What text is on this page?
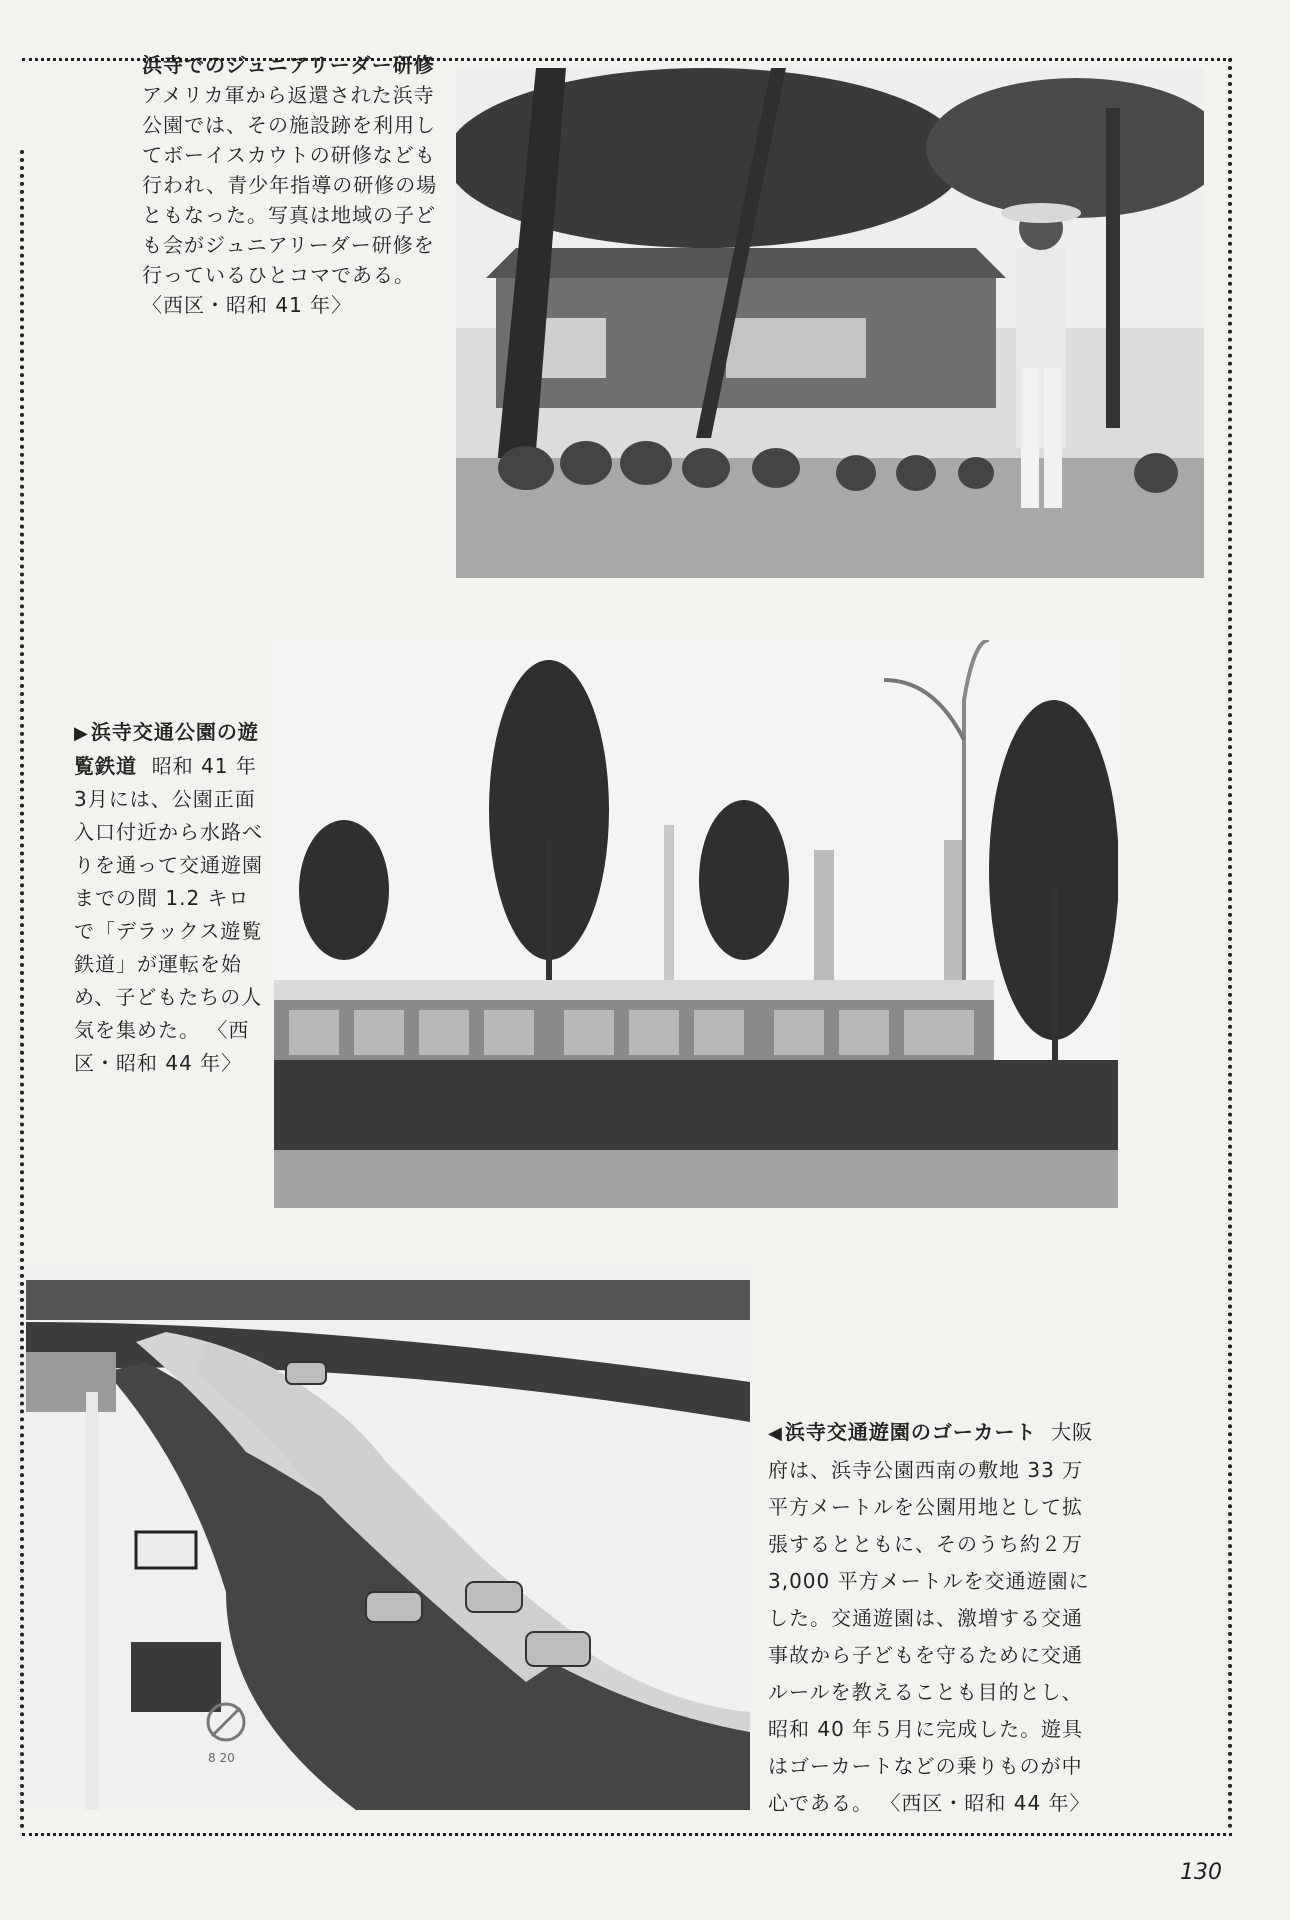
浜寺でのジュニアリーダー研修  アメリカ軍から返還された浜寺公園では、その施設跡を利用してボーイスカウトの研修なども行われ、青少年指導の研修の場ともなった。写真は地域の子ども会がジュニアリーダー研修を行っているひとコマである。
〈西区・昭和 41 年〉
▶ 浜寺交通公園の遊覧鉄道 昭和 41 年3月には、公園正面入口付近から水路べりを通って交通遊園までの間 1.2 キロで「デラックス遊覧鉄道」が運転を始め、子どもたちの人気を集めた。 〈西区・昭和 44 年〉
8 20
◀ 浜寺交通遊園のゴーカート 大阪府は、浜寺公園西南の敷地 33 万平方メートルを公園用地として拡張するとともに、そのうち約２万 3,000 平方メートルを交通遊園にした。交通遊園は、激増する交通事故から子どもを守るために交通ルールを教えることも目的とし、昭和 40 年５月に完成した。遊具はゴーカートなどの乗りものが中心である。 〈西区・昭和 44 年〉
130
